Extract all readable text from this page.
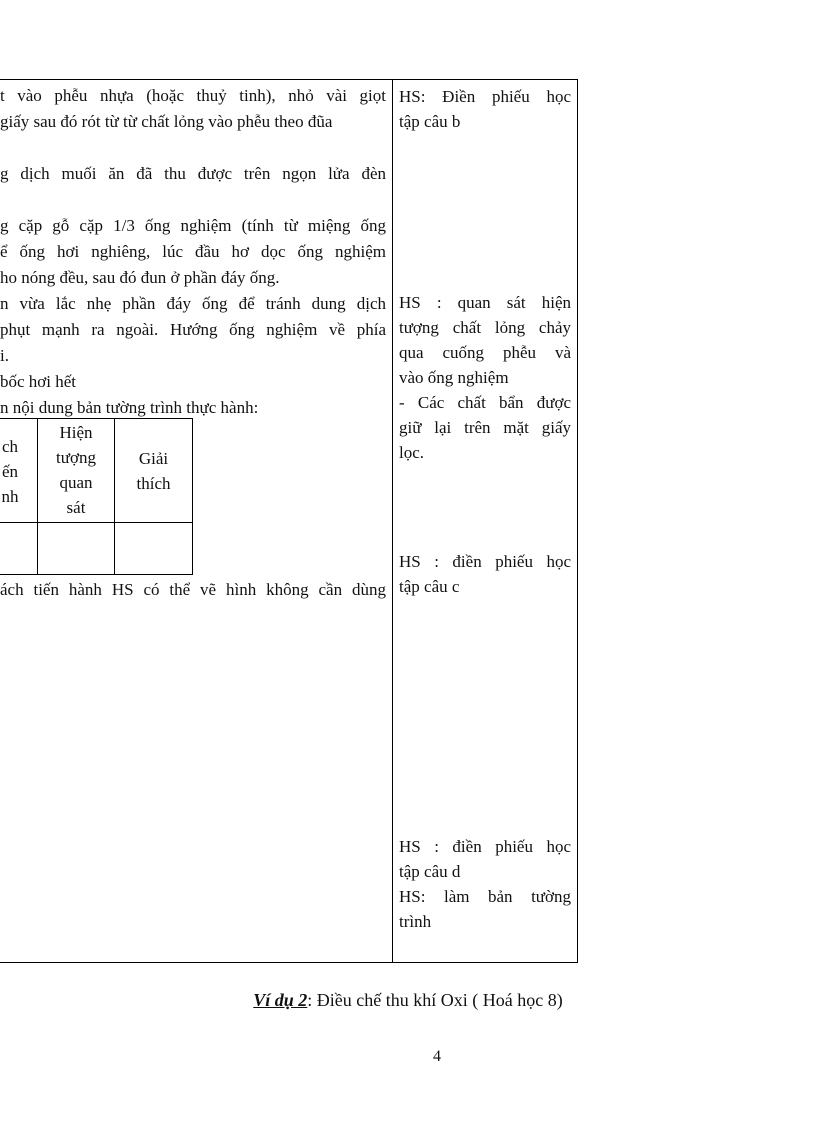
t vào phễu nhựa (hoặc thuỷ tinh), nhỏ vài giọt
giấy sau đó rót từ từ chất lỏng vào phễu theo đũa
g dịch muối ăn đã thu được trên ngọn lửa đèn
g cặp gỗ cặp 1/3 ống nghiệm (tính từ miệng ống
ể ống hơi nghiêng, lúc đầu hơ dọc ống nghiệm
ho nóng đều, sau đó đun ở phần đáy ống.
n vừa lắc nhẹ phần đáy ống để tránh dung dịch
phụt mạnh ra ngoài. Hướng ống nghiệm về phía
i.
bốc hơi hết
n nội dung bản tường trình thực hành:
ch
ến
nh
Hiện
tượng
quan
sát
Giải
thích
ách tiến hành HS có thể vẽ hình không cần dùng
HS: Điền phiếu học
tập câu b
HS : quan sát hiện
tượng chất lỏng chảy
qua cuống phễu và
vào ống nghiệm
- Các chất bẩn được
giữ lại trên mặt giấy
lọc.
HS : điền phiếu học
tập câu c
HS : điền phiếu học
tập câu d
HS: làm bản tường
trình
Ví dụ 2: Điều chế thu khí Oxi ( Hoá học 8)
4
